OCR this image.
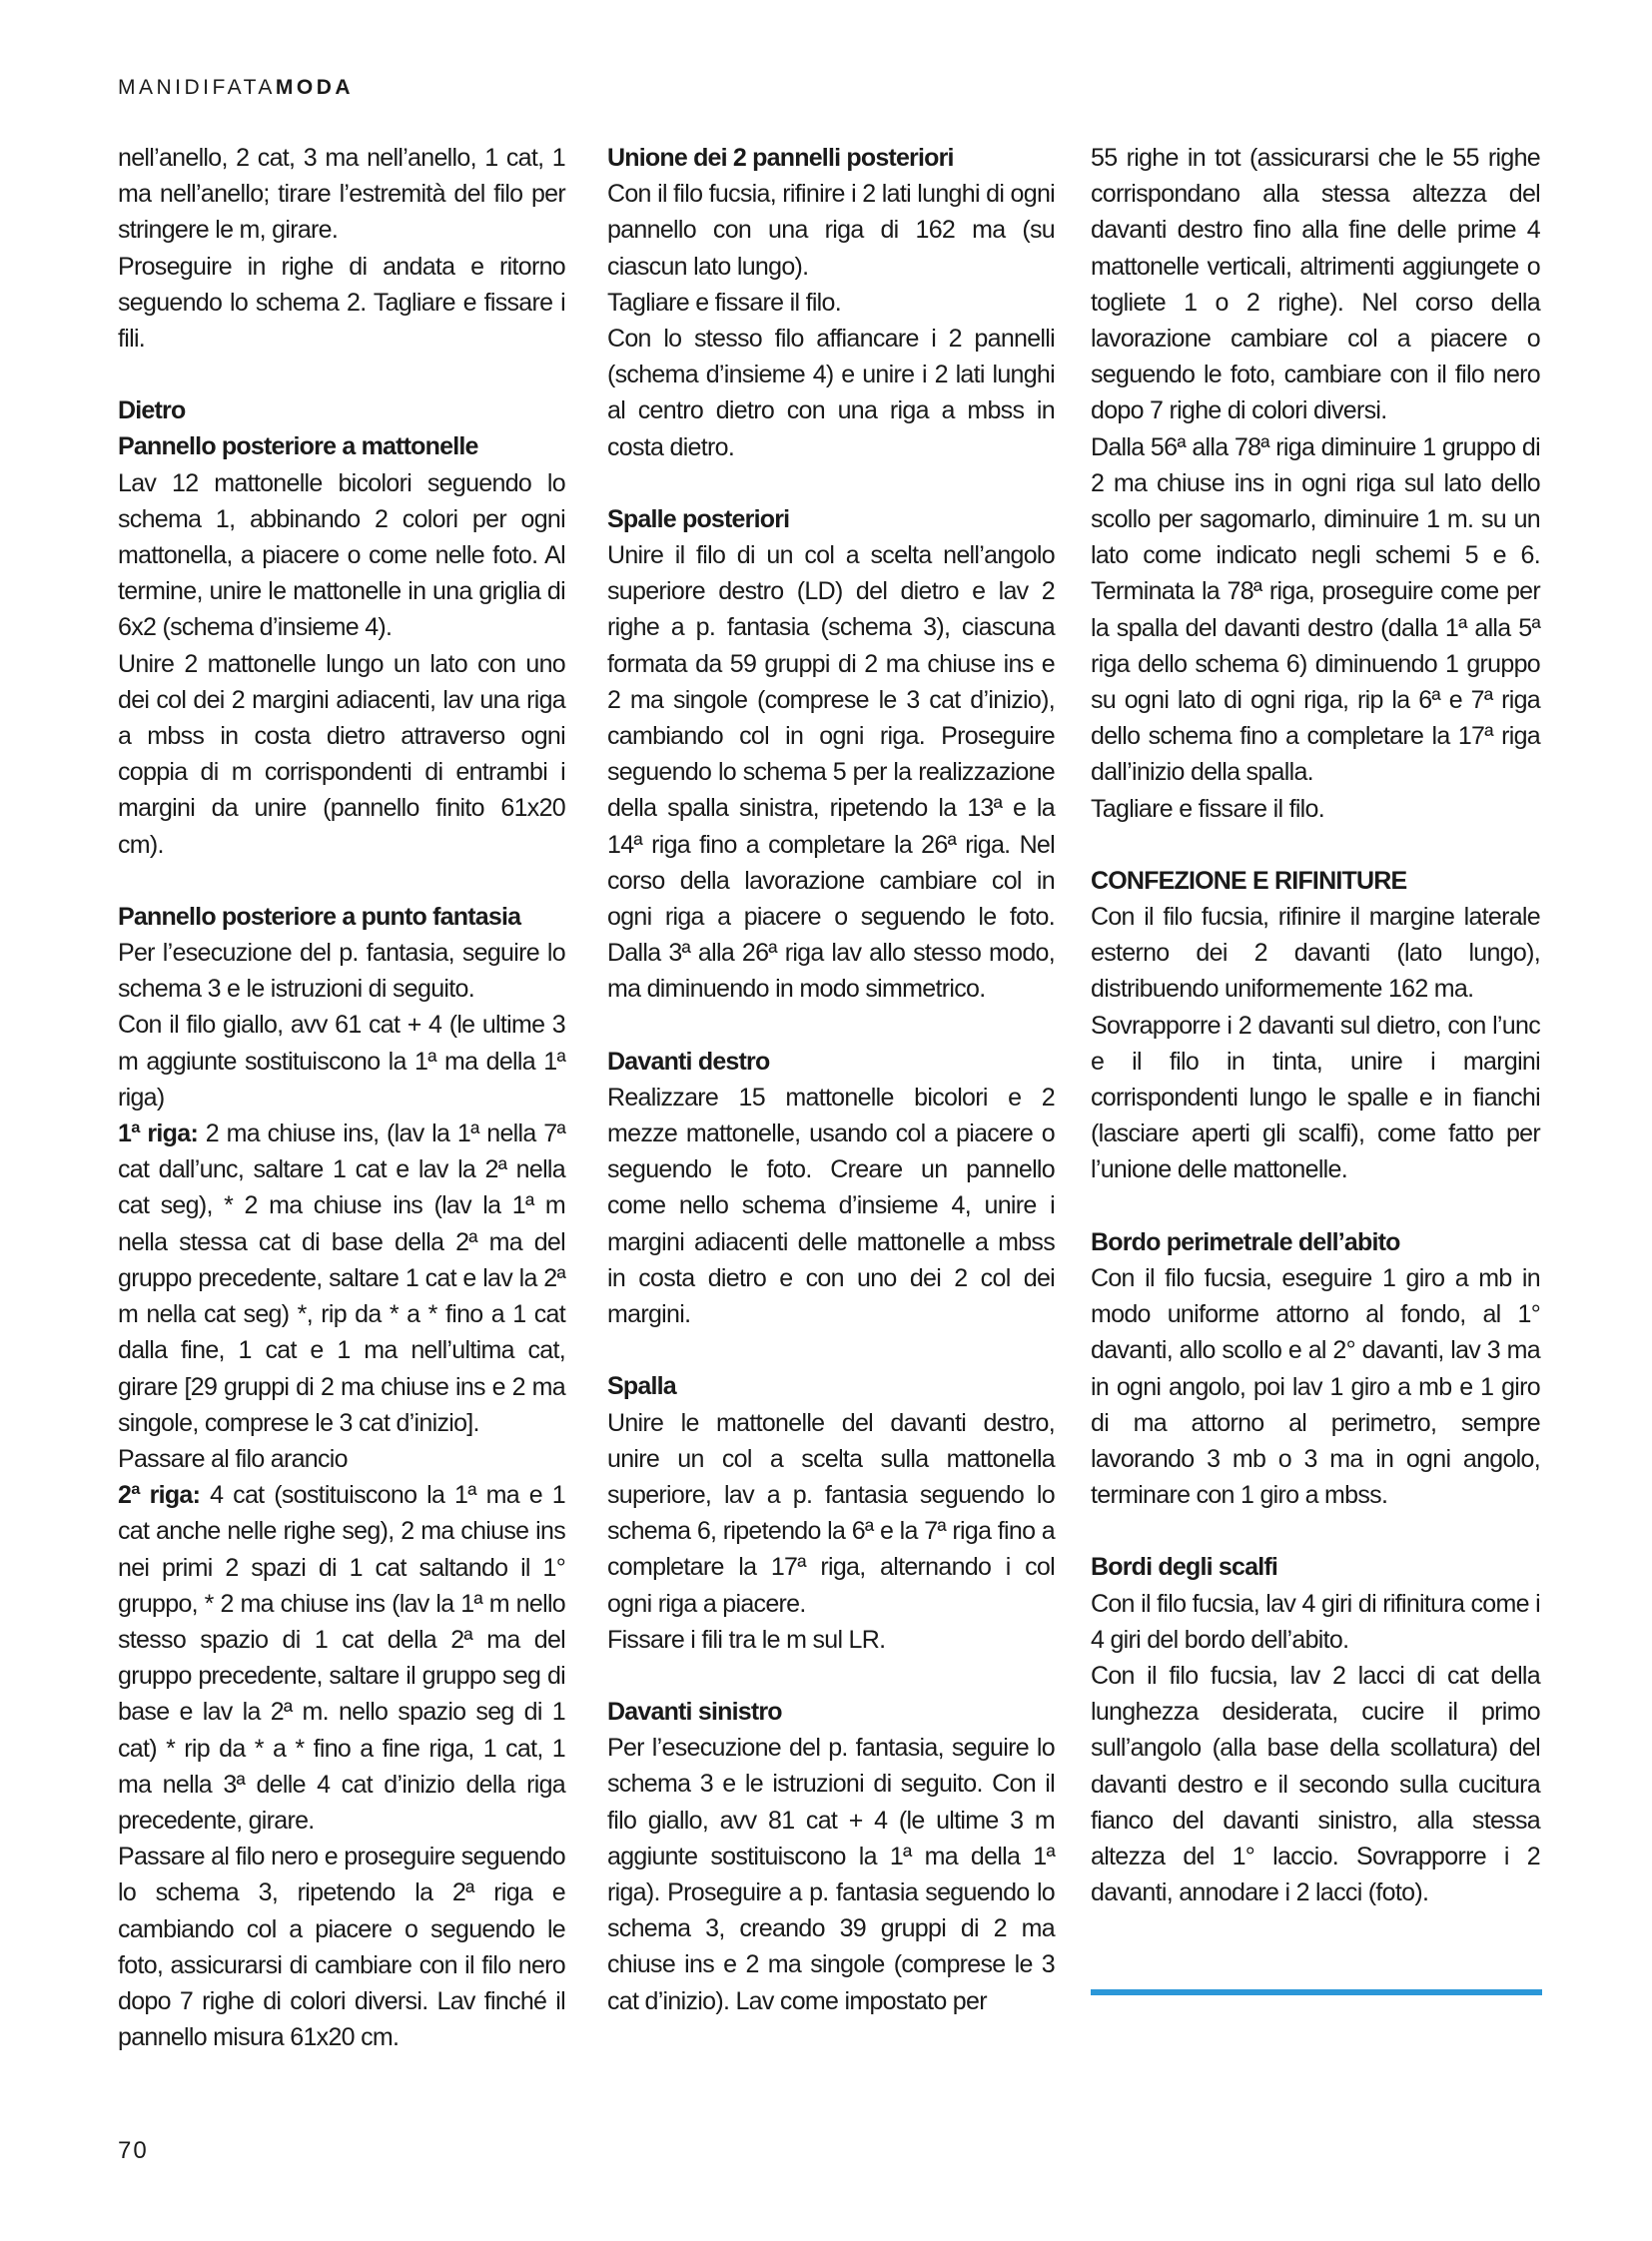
MANIDIFATAMODA

nell’anello, 2 cat, 3 ma nell’anello, 1 cat, 1 ma nell’anello; tirare l’estremità del filo per stringere le m, girare.

Proseguire in righe di andata e ritorno seguendo lo schema 2. Tagliare e fissare i fili.

Dietro
Pannello posteriore a mattonelle

Lav 12 mattonelle bicolori seguendo lo schema 1, abbinando 2 colori per ogni mattonella, a piacere o come nelle foto. Al termine, unire le mattonelle in una griglia di 6x2 (schema d’insieme 4).

Unire 2 mattonelle lungo un lato con uno dei col dei 2 margini adiacenti, lav una riga a mbss in costa dietro attraverso ogni coppia di m corrispondenti di entrambi i margini da unire (pannello finito 61x20 cm).

Pannello posteriore a punto fantasia

Per l’esecuzione del p. fantasia, seguire lo schema 3 e le istruzioni di seguito.

Con il filo giallo, avv 61 cat + 4 (le ultime 3 m aggiunte sostituiscono la 1ª ma della 1ª riga)

1ª riga: 2 ma chiuse ins, (lav la 1ª nella 7ª cat dall’unc, saltare 1 cat e lav la 2ª nella cat seg), * 2 ma chiuse ins (lav la 1ª m nella stessa cat di base della 2ª ma del gruppo precedente, saltare 1 cat e lav la 2ª m nella cat seg) *, rip da * a * fino a 1 cat dalla fine, 1 cat e 1 ma nell’ultima cat, girare [29 gruppi di 2 ma chiuse ins e 2 ma singole, comprese le 3 cat d’inizio].

Passare al filo arancio

2ª riga: 4 cat (sostituiscono la 1ª ma e 1 cat anche nelle righe seg), 2 ma chiuse ins nei primi 2 spazi di 1 cat saltando il 1° gruppo, * 2 ma chiuse ins (lav la 1ª m nello stesso spazio di 1 cat della 2ª ma del gruppo precedente, saltare il gruppo seg di base e lav la 2ª m. nello spazio seg di 1 cat) * rip da * a * fino a fine riga, 1 cat, 1 ma nella 3ª delle 4 cat d’inizio della riga precedente, girare.

Passare al filo nero e proseguire seguendo lo schema 3, ripetendo la 2ª riga e cambiando col a piacere o seguendo le foto, assicurarsi di cambiare con il filo nero dopo 7 righe di colori diversi. Lav finché il pannello misura 61x20 cm.

Unione dei 2 pannelli posteriori

Con il filo fucsia, rifinire i 2 lati lunghi di ogni pannello con una riga di 162 ma (su ciascun lato lungo).

Tagliare e fissare il filo.

Con lo stesso filo affiancare i 2 pannelli (schema d’insieme 4) e unire i 2 lati lunghi al centro dietro con una riga a mbss in costa dietro.

Spalle posteriori

Unire il filo di un col a scelta nell’angolo superiore destro (LD) del dietro e lav 2 righe a p. fantasia (schema 3), ciascuna formata da 59 gruppi di 2 ma chiuse ins e 2 ma singole (comprese le 3 cat d’inizio), cambiando col in ogni riga. Proseguire seguendo lo schema 5 per la realizzazione della spalla sinistra, ripetendo la 13ª e la 14ª riga fino a completare la 26ª riga. Nel corso della lavorazione cambiare col in ogni riga a piacere o seguendo le foto. Dalla 3ª alla 26ª riga lav allo stesso modo, ma diminuendo in modo simmetrico.

Davanti destro

Realizzare 15 mattonelle bicolori e 2 mezze mattonelle, usando col a piacere o seguendo le foto. Creare un pannello come nello schema d’insieme 4, unire i margini adiacenti delle mattonelle a mbss in costa dietro e con uno dei 2 col dei margini.

Spalla

Unire le mattonelle del davanti destro, unire un col a scelta sulla mattonella superiore, lav a p. fantasia seguendo lo schema 6, ripetendo la 6ª e la 7ª riga fino a completare la 17ª riga, alternando i col ogni riga a piacere.

Fissare i fili tra le m sul LR.

Davanti sinistro

Per l’esecuzione del p. fantasia, seguire lo schema 3 e le istruzioni di seguito. Con il filo giallo, avv 81 cat + 4 (le ultime 3 m aggiunte sostituiscono la 1ª ma della 1ª riga). Proseguire a p. fantasia seguendo lo schema 3, creando 39 gruppi di 2 ma chiuse ins e 2 ma singole (comprese le 3 cat d’inizio). Lav come impostato per

55 righe in tot (assicurarsi che le 55 righe corrispondano alla stessa altezza del davanti destro fino alla fine delle prime 4 mattonelle verticali, altrimenti aggiungete o togliete 1 o 2 righe). Nel corso della lavorazione cambiare col a piacere o seguendo le foto, cambiare con il filo nero dopo 7 righe di colori diversi.

Dalla 56ª alla 78ª riga diminuire 1 gruppo di 2 ma chiuse ins in ogni riga sul lato dello scollo per sagomarlo, diminuire 1 m. su un lato come indicato negli schemi 5 e 6. Terminata la 78ª riga, proseguire come per la spalla del davanti destro (dalla 1ª alla 5ª riga dello schema 6) diminuendo 1 gruppo su ogni lato di ogni riga, rip la 6ª e 7ª riga dello schema fino a completare la 17ª riga dall’inizio della spalla.

Tagliare e fissare il filo.

CONFEZIONE E RIFINITURE

Con il filo fucsia, rifinire il margine laterale esterno dei 2 davanti (lato lungo), distribuendo uniformemente 162 ma.

Sovrapporre i 2 davanti sul dietro, con l’unc e il filo in tinta, unire i margini corrispondenti lungo le spalle e in fianchi (lasciare aperti gli scalfi), come fatto per l’unione delle mattonelle.

Bordo perimetrale dell’abito

Con il filo fucsia, eseguire 1 giro a mb in modo uniforme attorno al fondo, al 1° davanti, allo scollo e al 2° davanti, lav 3 ma in ogni angolo, poi lav 1 giro a mb e 1 giro di ma attorno al perimetro, sempre lavorando 3 mb o 3 ma in ogni angolo, terminare con 1 giro a mbss.

Bordi degli scalfi

Con il filo fucsia, lav 4 giri di rifinitura come i 4 giri del bordo dell’abito.

Con il filo fucsia, lav 2 lacci di cat della lunghezza desiderata, cucire il primo sull’angolo (alla base della scollatura) del davanti destro e il secondo sulla cucitura fianco del davanti sinistro, alla stessa altezza del 1° laccio. Sovrapporre i 2 davanti, annodare i 2 lacci (foto).

70
